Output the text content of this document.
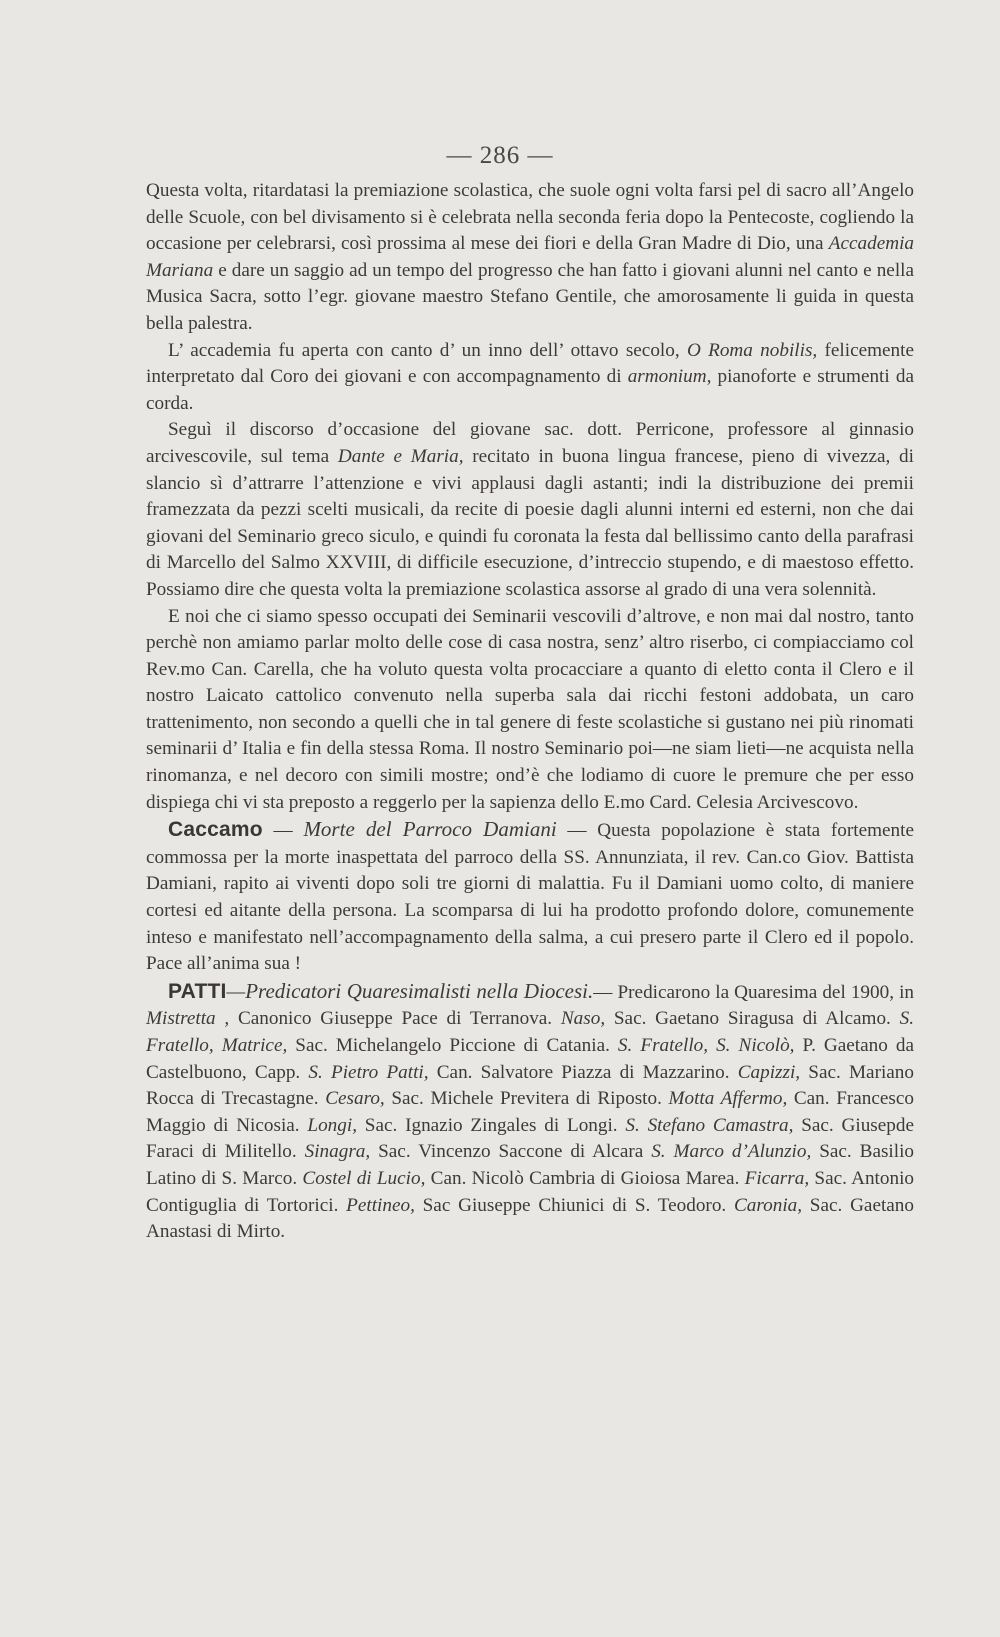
— 286 —

Questa volta, ritardatasi la premiazione scolastica, che suole ogni volta farsi pel di sacro all’Angelo delle Scuole, con bel divisamento si è celebrata nella seconda feria dopo la Pentecoste, cogliendo la occasione per celebrarsi, così prossima al mese dei fiori e della Gran Madre di Dio, una Accademia Mariana e dare un saggio ad un tempo del progresso che han fatto i giovani alunni nel canto e nella Musica Sacra, sotto l’egr. giovane maestro Stefano Gentile, che amorosamente li guida in questa bella palestra.

L’ accademia fu aperta con canto d’ un inno dell’ ottavo secolo, O Roma nobilis, felicemente interpretato dal Coro dei giovani e con accompagnamento di armonium, pianoforte e strumenti da corda.

Seguì il discorso d’occasione del giovane sac. dott. Perricone, professore al ginnasio arcivescovile, sul tema Dante e Maria, recitato in buona lingua francese, pieno di vivezza, di slancio sì d’attrarre l’attenzione e vivi applausi dagli astanti; indi la distribuzione dei premii framezzata da pezzi scelti musicali, da recite di poesie dagli alunni interni ed esterni, non che dai giovani del Seminario greco siculo, e quindi fu coronata la festa dal bellissimo canto della parafrasi di Marcello del Salmo XXVIII, di difficile esecuzione, d’intreccio stupendo, e di maestoso effetto. Possiamo dire che questa volta la premiazione scolastica assorse al grado di una vera solennità.

E noi che ci siamo spesso occupati dei Seminarii vescovili d’altrove, e non mai dal nostro, tanto perchè non amiamo parlar molto delle cose di casa nostra, senz’ altro riserbo, ci compiacciamo col Rev.mo Can. Carella, che ha voluto questa volta procacciare a quanto di eletto conta il Clero e il nostro Laicato cattolico convenuto nella superba sala dai ricchi festoni addobata, un caro trattenimento, non secondo a quelli che in tal genere di feste scolastiche si gustano nei più rinomati seminarii d’ Italia e fin della stessa Roma. Il nostro Seminario poi—ne siam lieti—ne acquista nella rinomanza, e nel decoro con simili mostre; ond’è che lodiamo di cuore le premure che per esso dispiega chi vi sta preposto a reggerlo per la sapienza dello E.mo Card. Celesia Arcivescovo.

Caccamo — Morte del Parroco Damiani — Questa popolazione è stata fortemente commossa per la morte inaspettata del parroco della SS. Annunziata, il rev. Can.co Giov. Battista Damiani, rapito ai viventi dopo soli tre giorni di malattia. Fu il Damiani uomo colto, di maniere cortesi ed aitante della persona. La scomparsa di lui ha prodotto profondo dolore, comunemente inteso e manifestato nell’accompagnamento della salma, a cui presero parte il Clero ed il popolo. Pace all’anima sua !

PATTI—Predicatori Quaresimalisti nella Diocesi.— Predicarono la Quaresima del 1900, in Mistretta , Canonico Giuseppe Pace di Terranova. Naso, Sac. Gaetano Siragusa di Alcamo. S. Fratello, Matrice, Sac. Michelangelo Piccione di Catania. S. Fratello, S. Nicolò, P. Gaetano da Castelbuono, Capp. S. Pietro Patti, Can. Salvatore Piazza di Mazzarino. Capizzi, Sac. Mariano Rocca di Trecastagne. Cesaro, Sac. Michele Previtera di Riposto. Motta Affermo, Can. Francesco Maggio di Nicosia. Longi, Sac. Ignazio Zingales di Longi. S. Stefano Camastra, Sac. Giusepde Faraci di Militello. Sinagra, Sac. Vincenzo Saccone di Alcara S. Marco d’Alunzio, Sac. Basilio Latino di S. Marco. Costel di Lucio, Can. Nicolò Cambria di Gioiosa Marea. Ficarra, Sac. Antonio Contiguglia di Tortorici. Pettineo, Sac Giuseppe Chiunici di S. Teodoro. Caronia, Sac. Gaetano Anastasi di Mirto.
